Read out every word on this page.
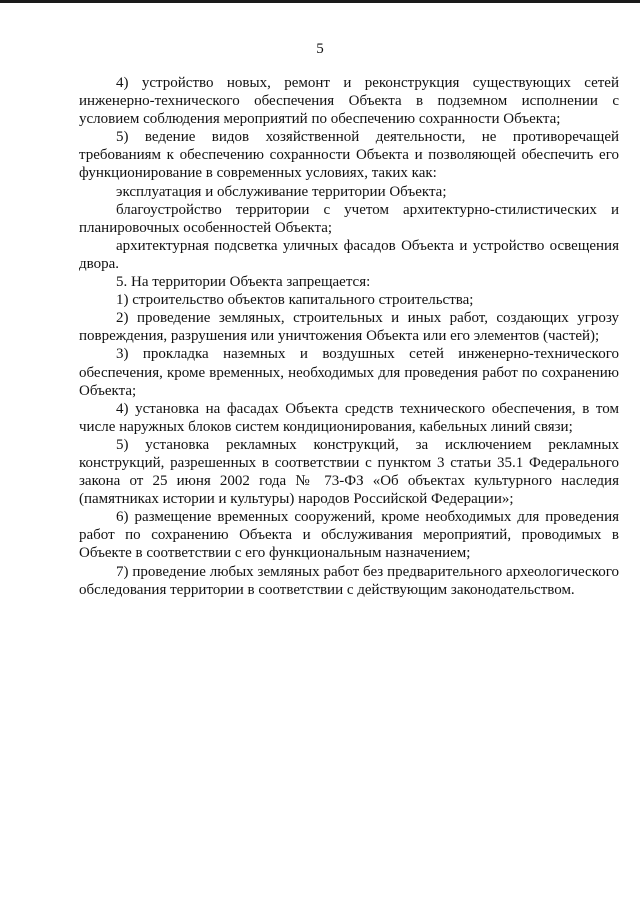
5

4) устройство новых, ремонт и реконструкция существующих сетей инженерно-технического обеспечения Объекта в подземном исполнении с условием соблюдения мероприятий по обеспечению сохранности Объекта;

5) ведение видов хозяйственной деятельности, не противоречащей требованиям к обеспечению сохранности Объекта и позволяющей обеспечить его функционирование в современных условиях, таких как:

эксплуатация и обслуживание территории Объекта;

благоустройство территории с учетом архитектурно-стилистических и планировочных особенностей Объекта;

архитектурная подсветка уличных фасадов Объекта и устройство освещения двора.

5. На территории Объекта запрещается:

1) строительство объектов капитального строительства;

2) проведение земляных, строительных и иных работ, создающих угрозу повреждения, разрушения или уничтожения Объекта или его элементов (частей);

3) прокладка наземных и воздушных сетей инженерно-технического обеспечения, кроме временных, необходимых для проведения работ по сохранению Объекта;

4) установка на фасадах Объекта средств технического обеспечения, в том числе наружных блоков систем кондиционирования, кабельных линий связи;

5) установка рекламных конструкций, за исключением рекламных конструкций, разрешенных в соответствии с пунктом 3 статьи 35.1 Федерального закона от 25 июня 2002 года № 73-ФЗ «Об объектах культурного наследия (памятниках истории и культуры) народов Российской Федерации»;

6) размещение временных сооружений, кроме необходимых для проведения работ по сохранению Объекта и обслуживания мероприятий, проводимых в Объекте в соответствии с его функциональным назначением;

7) проведение любых земляных работ без предварительного археологического обследования территории в соответствии с действующим законодательством.
